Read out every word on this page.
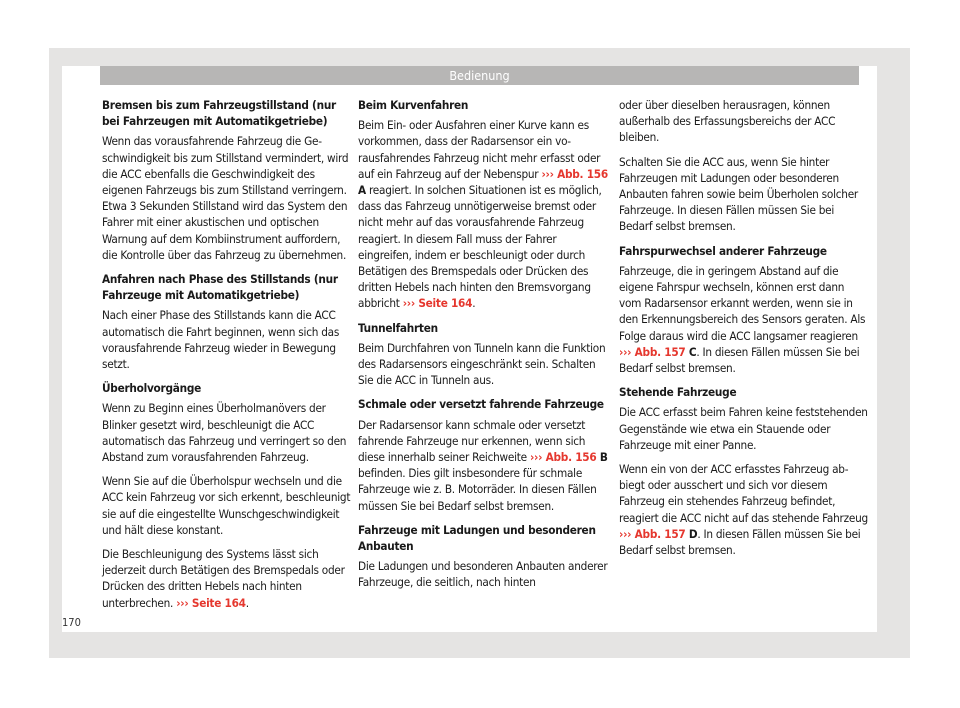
Bedienung
Bremsen bis zum Fahrzeugstillstand (nur bei Fahrzeugen mit Automatikgetriebe)

Wenn das vorausfahrende Fahrzeug die Geschwindigkeit bis zum Stillstand vermindert, wird die ACC ebenfalls die Geschwindigkeit des eigenen Fahrzeugs bis zum Stillstand verringern. Etwa 3 Sekunden Stillstand wird das System den Fahrer mit einer akustischen und optischen Warnung auf dem Kombiinstrument auffordern, die Kontrolle über das Fahrzeug zu übernehmen.

Anfahren nach Phase des Stillstands (nur Fahrzeuge mit Automatikgetriebe)

Nach einer Phase des Stillstands kann die ACC automatisch die Fahrt beginnen, wenn sich das vorausfahrende Fahrzeug wieder in Bewegung setzt.

Überholvorgänge

Wenn zu Beginn eines Überholmanövers der Blinker gesetzt wird, beschleunigt die ACC automatisch das Fahrzeug und verringert so den Abstand zum vorausfahrenden Fahrzeug.

Wenn Sie auf die Überholspur wechseln und die ACC kein Fahrzeug vor sich erkennt, beschleunigt sie auf die eingestellte Wunschgeschwindigkeit und hält diese konstant.

Die Beschleunigung des Systems lässt sich jederzeit durch Betätigen des Bremspedals oder Drücken des dritten Hebels nach hinten unterbrechen. ››› Seite 164.

Beim Kurvenfahren

Beim Ein- oder Ausfahren einer Kurve kann es vorkommen, dass der Radarsensor ein vorausfahrendes Fahrzeug nicht mehr erfasst oder auf ein Fahrzeug auf der Nebenspur ››› Abb. 156 A reagiert. In solchen Situationen ist es möglich, dass das Fahrzeug unnötigerweise bremst oder nicht mehr auf das vorausfahrende Fahrzeug reagiert. In diesem Fall muss der Fahrer eingreifen, indem er beschleunigt oder durch Betätigen des Bremspedals oder Drücken des dritten Hebels nach hinten den Bremsvorgang abbricht ››› Seite 164.

Tunnelfahrten

Beim Durchfahren von Tunneln kann die Funktion des Radarsensors eingeschränkt sein. Schalten Sie die ACC in Tunneln aus.

Schmale oder versetzt fahrende Fahrzeuge

Der Radarsensor kann schmale oder versetzt fahrende Fahrzeuge nur erkennen, wenn sich diese innerhalb seiner Reichweite ››› Abb. 156 B befinden. Dies gilt insbesondere für schmale Fahrzeuge wie z. B. Motorräder. In diesen Fällen müssen Sie bei Bedarf selbst bremsen.

Fahrzeuge mit Ladungen und besonderen Anbauten

Die Ladungen und besonderen Anbauten anderer Fahrzeuge, die seitlich, nach hinten

oder über dieselben herausragen, können außerhalb des Erfassungsbereichs der ACC bleiben.

Schalten Sie die ACC aus, wenn Sie hinter Fahrzeugen mit Ladungen oder besonderen Anbauten fahren sowie beim Überholen solcher Fahrzeuge. In diesen Fällen müssen Sie bei Bedarf selbst bremsen.

Fahrspurwechsel anderer Fahrzeuge

Fahrzeuge, die in geringem Abstand auf die eigene Fahrspur wechseln, können erst dann vom Radarsensor erkannt werden, wenn sie in den Erkennungsbereich des Sensors geraten. Als Folge daraus wird die ACC langsamer reagieren ››› Abb. 157 C. In diesen Fällen müssen Sie bei Bedarf selbst bremsen.

Stehende Fahrzeuge

Die ACC erfasst beim Fahren keine feststehenden Gegenstände wie etwa ein Stauende oder Fahrzeuge mit einer Panne.

Wenn ein von der ACC erfasstes Fahrzeug abbiegt oder ausschert und sich vor diesem Fahrzeug ein stehendes Fahrzeug befindet, reagiert die ACC nicht auf das stehende Fahrzeug ››› Abb. 157 D. In diesen Fällen müssen Sie bei Bedarf selbst bremsen.

170
